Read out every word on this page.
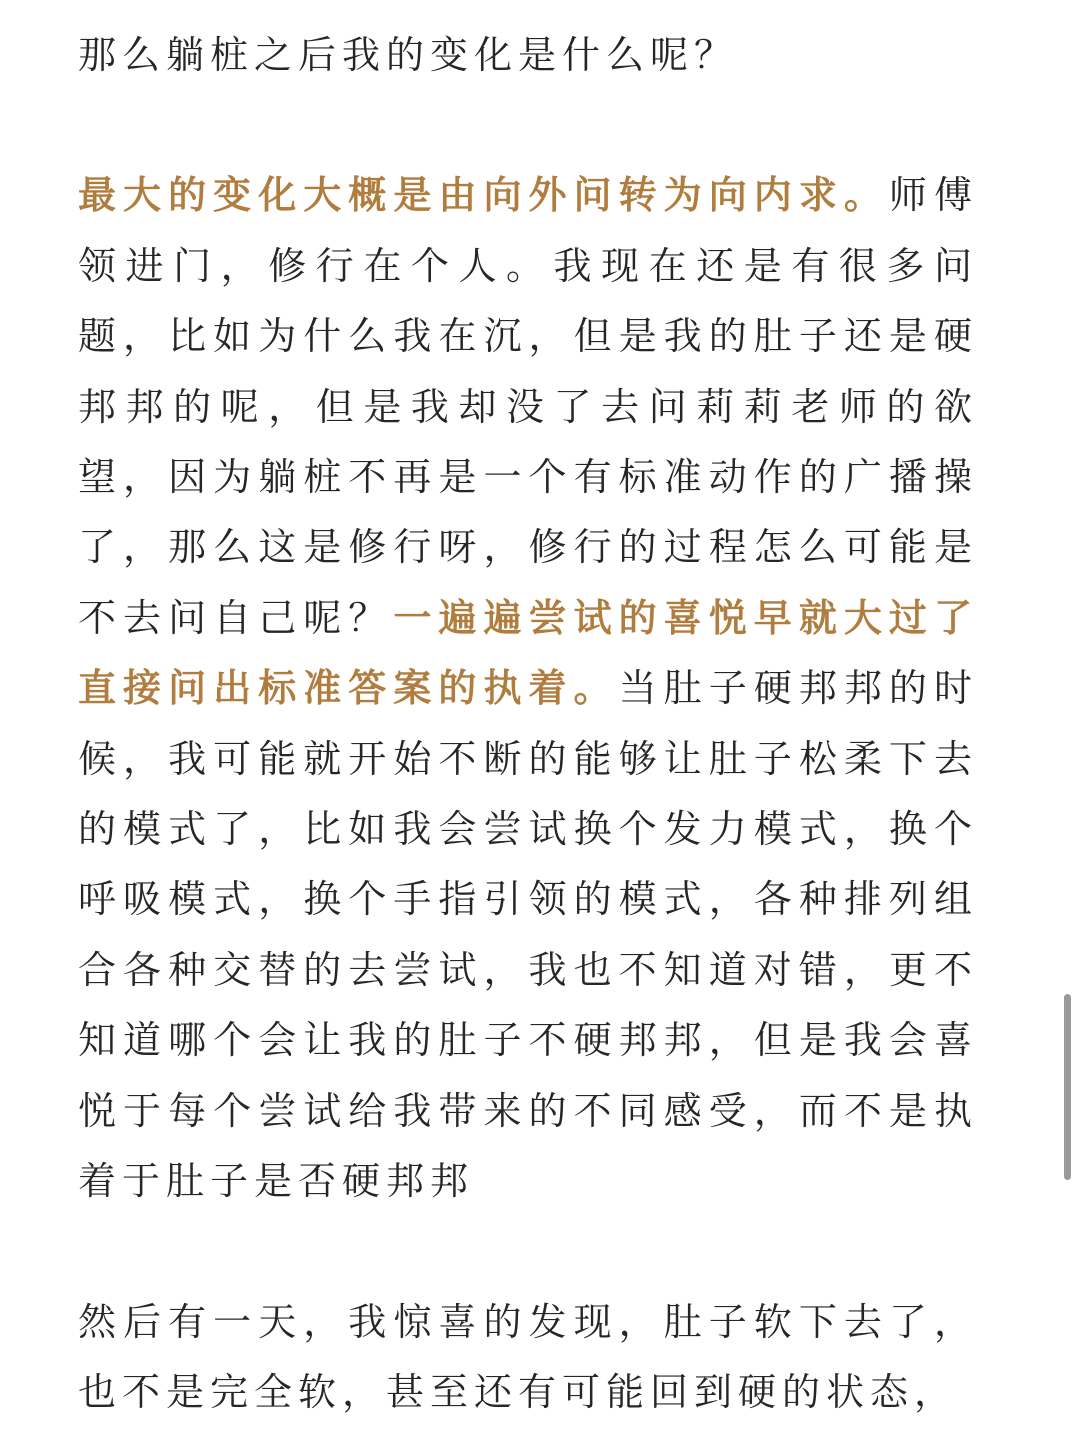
那么躺桩之后我的变化是什么呢？

最大的变化大概是由向外问转为向内求。师傅领进门，修行在个人。我现在还是有很多问题，比如为什么我在沉，但是我的肚子还是硬邦邦的呢，但是我却没了去问莉莉老师的欲望，因为躺桩不再是一个有标准动作的广播操了，那么这是修行呀，修行的过程怎么可能是不去问自己呢？一遍遍尝试的喜悦早就大过了直接问出标准答案的执着。当肚子硬邦邦的时候，我可能就开始不断的能够让肚子松柔下去的模式了，比如我会尝试换个发力模式，换个呼吸模式，换个手指引领的模式，各种排列组合各种交替的去尝试，我也不知道对错，更不知道哪个会让我的肚子不硬邦邦，但是我会喜悦于每个尝试给我带来的不同感受，而不是执着于肚子是否硬邦邦

然后有一天，我惊喜的发现，肚子软下去了，也不是完全软，甚至还有可能回到硬的状态，
